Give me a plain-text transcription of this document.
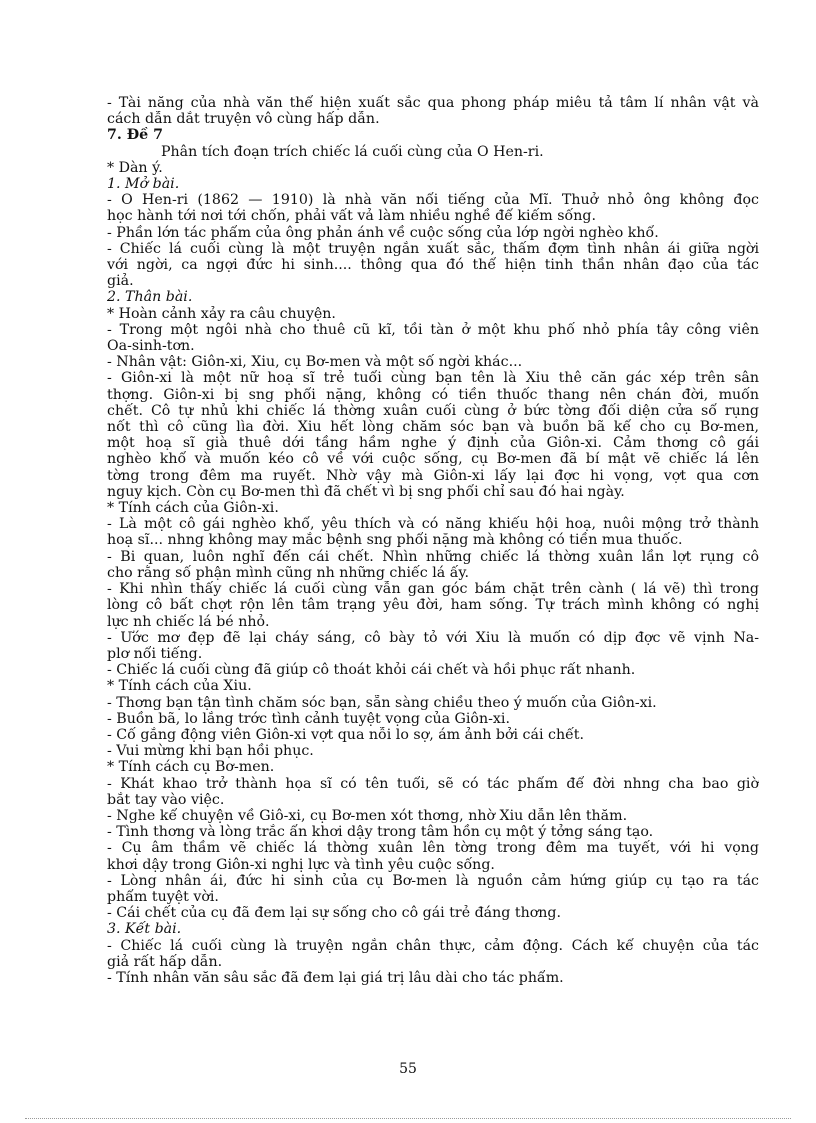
- Tài năng của nhà văn thể hiện xuất sắc qua phong pháp miêu tả tâm lí nhân vật và
cách dẫn dắt truyện vô cùng hấp dẫn.
7. Đề 7
Phân tích đoạn trích chiếc lá cuối cùng của O Hen-ri.
* Dàn ý.
1. Mở bài.
- O Hen-ri (1862 — 1910) là nhà văn nổi tiếng của Mĩ. Thuở nhỏ ông không đọc
học hành tới nơi tới chốn, phải vất vả làm nhiều nghề để kiếm sống.
- Phần lớn tác phẩm của ông phản ánh về cuộc sống của lớp ngời nghèo khổ.
- Chiếc lá cuối cùng là một truyện ngắn xuất sắc, thấm đợm tình nhân ái giữa ngời
với ngời, ca ngợi đức hi sinh.... thông qua đó thể hiện tinh thần nhân đạo của tác
giả.
2. Thân bài.
* Hoàn cảnh xảy ra câu chuyện.
- Trong một ngôi nhà cho thuê cũ kĩ, tồi tàn ở một khu phố nhỏ phía tây công viên
Oa-sinh-tơn.
- Nhân vật: Giôn-xi, Xiu, cụ Bơ-men và một số ngời khác...
- Giôn-xi là một nữ hoạ sĩ trẻ tuổi cùng bạn tên là Xiu thê căn gác xép trên sân
thợng. Giôn-xi bị sng phổi nặng, không có tiền thuốc thang nên chán đời, muốn
chết. Cô tự nhủ khi chiếc lá thờng xuân cuối cùng ở bức tờng đối diện cửa sổ rụng
nốt thì cô cũng lìa đời. Xiu hết lòng chăm sóc bạn và buồn bã kể cho cụ Bơ-men,
một hoạ sĩ già thuê dới tầng hầm nghe ý định của Giôn-xi. Cảm thơng cô gái
nghèo khổ và muốn kéo cô về với cuộc sống, cụ Bơ-men đã bí mật vẽ chiếc lá lên
tờng trong đêm ma ruyết. Nhờ vậy mà Giôn-xi lấy lại đợc hi vọng, vợt qua cơn
nguy kịch. Còn cụ Bơ-men thì đã chết vì bị sng phổi chỉ sau đó hai ngày.
* Tính cách của Giôn-xi.
- Là một cô gái nghèo khổ, yêu thích và có năng khiếu hội hoạ, nuôi mộng trở thành
hoạ sĩ... nhng không may mắc bệnh sng phổi nặng mà không có tiền mua thuốc.
- Bi quan, luôn nghĩ đến cái chết. Nhìn những chiếc lá thờng xuân lần lợt rụng cô
cho rằng số phận mình cũng nh những chiếc lá ấy.
- Khi nhìn thấy chiếc lá cuối cùng vẫn gan góc bám chặt trên cành ( lá vẽ) thì trong
lòng cô bất chợt rộn lên tâm trạng yêu đời, ham sống. Tự trách mình không có nghị
lực nh chiếc lá bé nhỏ.
- Ước mơ đẹp đẽ lại cháy sáng, cô bày tỏ với Xiu là muốn có dịp đợc vẽ vịnh Na-
plơ nổi tiếng.
- Chiếc lá cuối cùng đã giúp cô thoát khỏi cái chết và hồi phục rất nhanh.
* Tính cách của Xiu.
- Thơng bạn tận tình chăm sóc bạn, sẵn sàng chiều theo ý muốn của Giôn-xi.
- Buồn bã, lo lắng trớc tình cảnh tuyệt vọng của Giôn-xi.
- Cố gắng động viên Giôn-xi vợt qua nỗi lo sợ, ám ảnh bởi cái chết.
- Vui mừng khi bạn hồi phục.
* Tính cách cụ Bơ-men.
- Khát khao trở thành họa sĩ có tên tuổi, sẽ có tác phẩm để đời nhng cha bao giờ
bắt tay vào việc.
- Nghe kể chuyện về Giô-xi, cụ Bơ-men xót thơng, nhờ Xiu dẫn lên thăm.
- Tình thơng và lòng trắc ẩn khơi dậy trong tâm hồn cụ một ý tởng sáng tạo.
- Cụ âm thầm vẽ chiếc lá thờng xuân lên tờng trong đêm ma tuyết, với hi vọng
khơi dậy trong Giôn-xi nghị lực và tình yêu cuộc sống.
- Lòng nhân ái, đức hi sinh của cụ Bơ-men là nguồn cảm hứng giúp cụ tạo ra tác
phẩm tuyệt vời.
- Cái chết của cụ đã đem lại sự sống cho cô gái trẻ đáng thơng.
3. Kết bài.
- Chiếc lá cuối cùng là truyện ngắn chân thực, cảm động. Cách kể chuyện của tác
giả rất hấp dẫn.
- Tính nhân văn sâu sắc đã đem lại giá trị lâu dài cho tác phẩm.
55
